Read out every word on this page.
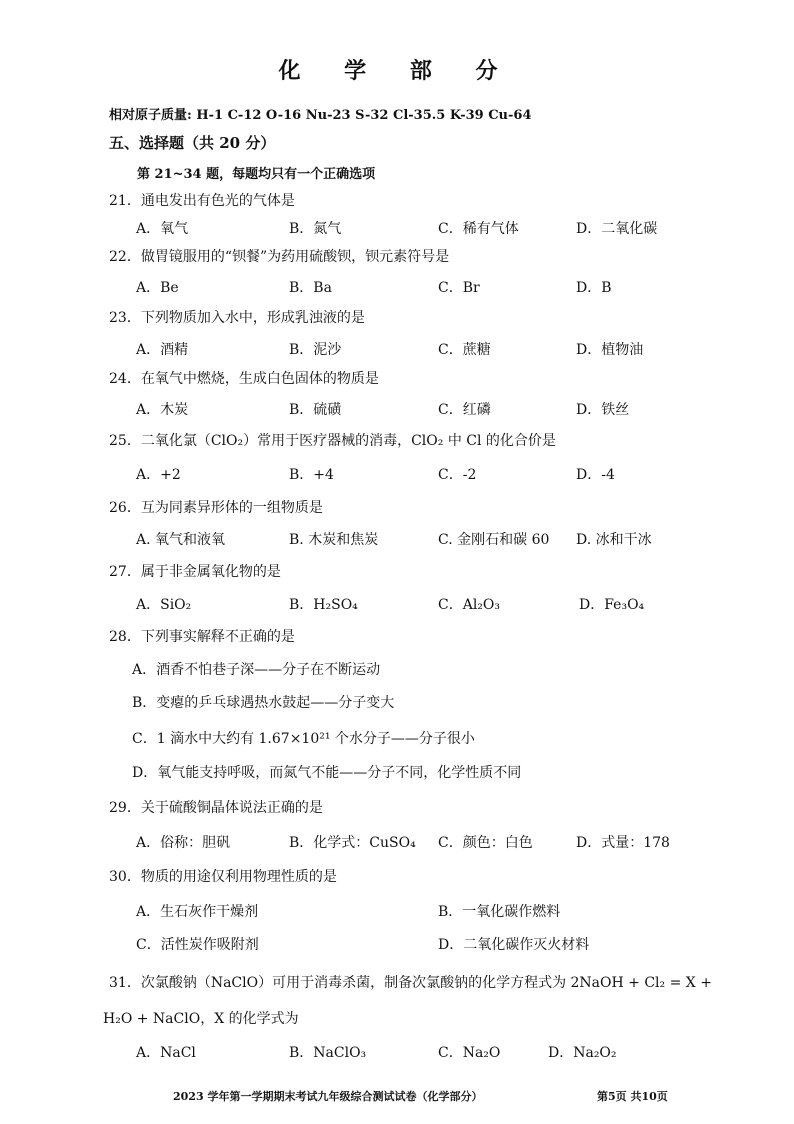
化 学 部 分
相对原子质量: H-1 C-12 O-16 Nu-23 S-32 Cl-35.5 K-39 Cu-64
五、选择题（共 20 分）
第 21~34 题，每题均只有一个正确选项
21．通电发出有色光的气体是
A．氧气	B．氮气	C．稀有气体	D．二氧化碳
22．做胃镜服用的“钡餐”为药用硫酸钡，钡元素符号是
A．Be	B．Ba	C．Br	D．B
23．下列物质加入水中，形成乳浊液的是
A．酒精	B．泥沙	C．蔗糖	D．植物油
24．在氧气中燃烧，生成白色固体的物质是
A．木炭	B．硫磺	C．红磷	D．铁丝
25．二氧化氯（ClO₂）常用于医疗器械的消毒，ClO₂ 中 Cl 的化合价是
A．+2	B．+4	C．-2	D．-4
26．互为同素异形体的一组物质是
A. 氧气和液氧	B. 木炭和焦炭	C. 金刚石和碳 60 D. 冰和干冰
27．属于非金属氧化物的是
A．SiO₂	B．H₂SO₄	C．Al₂O₃	D．Fe₃O₄
28．下列事实解释不正确的是
A．酒香不怕巷子深——分子在不断运动
B．变瘪的乒乓球遇热水鼓起——分子变大
C．1 滴水中大约有 1.67×10²¹ 个水分子——分子很小
D．氧气能支持呼吸，而氮气不能——分子不同，化学性质不同
29．关于硫酸铜晶体说法正确的是
A．俗称：胆矾	B．化学式：CuSO₄ C．颜色：白色	D．式量：178
30．物质的用途仅利用物理性质的是
A．生石灰作干燥剂	B．一氧化碳作燃料
C．活性炭作吸附剂	D．二氧化碳作灭火材料
31．次氯酸钠（NaClO）可用于消毒杀菌，制备次氯酸钠的化学方程式为 2NaOH + Cl₂ = X +
H₂O + NaClO，X 的化学式为
A．NaCl	B．NaClO₃	C．Na₂O	D．Na₂O₂
2023 学年第一学期期末考试九年级综合测试试卷（化学部分）	第5页 共10页
